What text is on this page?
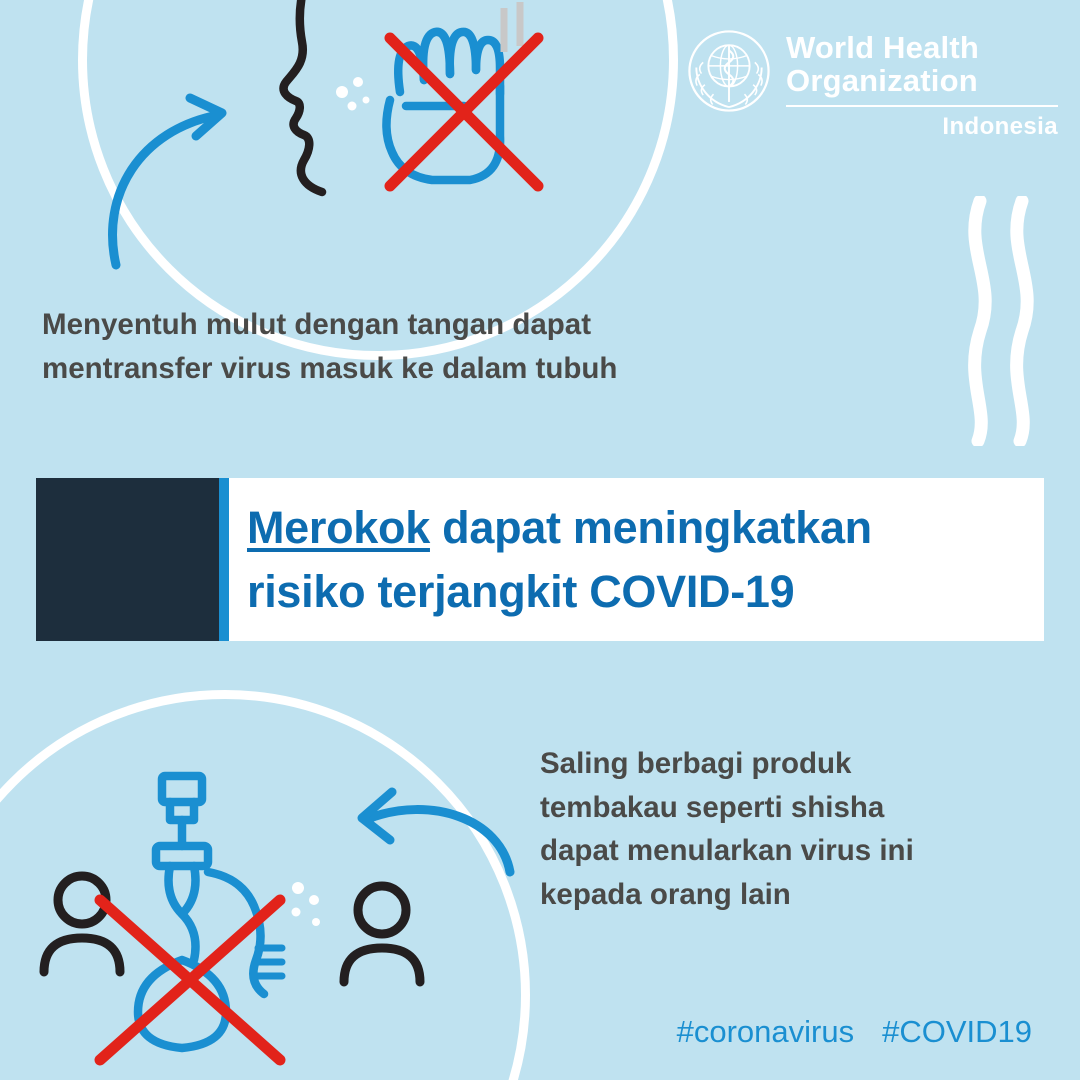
World Health
Organization
Indonesia
Menyentuh mulut dengan tangan dapat
mentransfer virus masuk ke dalam tubuh
Merokok dapat meningkatkan
risiko terjangkit COVID-19
Saling berbagi produk
tembakau seperti shisha
dapat menularkan virus ini
kepada orang lain
#coronavirus #COVID19
